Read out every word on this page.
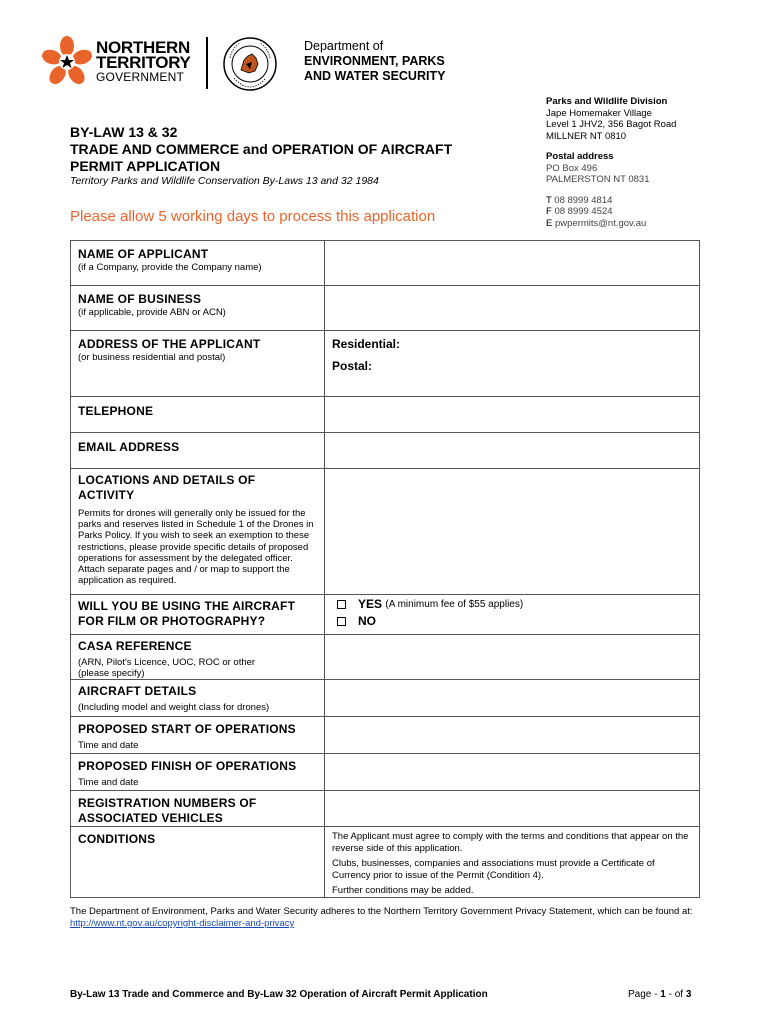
NORTHERN
TERRITORY
GOVERNMENT
Department of
ENVIRONMENT, PARKS
AND WATER SECURITY
Parks and Wildlife Division
Jape Homemaker Village
Level 1 JHV2, 356 Bagot Road
MILLNER NT 0810
Postal address
PO Box 496
PALMERSTON NT 0831
T 08 8999 4814
F 08 8999 4524
E pwpermits@nt.gov.au
BY-LAW 13 & 32
TRADE AND COMMERCE and OPERATION OF AIRCRAFT
PERMIT APPLICATION
Territory Parks and Wildlife Conservation By-Laws 13 and 32 1984
Please allow 5 working days to process this application
NAME OF APPLICANT
(if a Company, provide the Company name)	

NAME OF BUSINESS
(if applicable, provide ABN or ACN)	

ADDRESS OF THE APPLICANT
(or business residential and postal)	Residential:
Postal:

TELEPHONE	

EMAIL ADDRESS	

LOCATIONS AND DETAILS OF ACTIVITY
Permits for drones will generally only be issued for the parks and reserves listed in Schedule 1 of the Drones in Parks Policy. If you wish to seek an exemption to these restrictions, please provide specific details of proposed operations for assessment by the delegated officer. Attach separate pages and / or map to support the application as required.	

WILL YOU BE USING THE AIRCRAFT FOR FILM OR PHOTOGRAPHY?	YES
(A minimum fee of $55 applies)
NO

CASA REFERENCE
(ARN, Pilot's Licence, UOC, ROC or other (please specify)	

AIRCRAFT DETAILS
(Including model and weight class for drones)	

PROPOSED START OF OPERATIONS
Time and date	

PROPOSED FINISH OF OPERATIONS
Time and date	

REGISTRATION NUMBERS OF ASSOCIATED VEHICLES	

CONDITIONS	The Applicant must agree to comply with the terms and conditions that appear on the reverse side of this application.

Clubs, businesses, companies and associations must provide a Certificate of Currency prior to issue of the Permit (Condition 4).

Further conditions may be added.

The Department of Environment, Parks and Water Security adheres to the Northern Territory Government Privacy Statement, which can be found at: http://www.nt.gov.au/copyright-disclaimer-and-privacy
By-Law 13 Trade and Commerce and By-Law 32 Operation of Aircraft Permit Application	Page - 1 - of 3
